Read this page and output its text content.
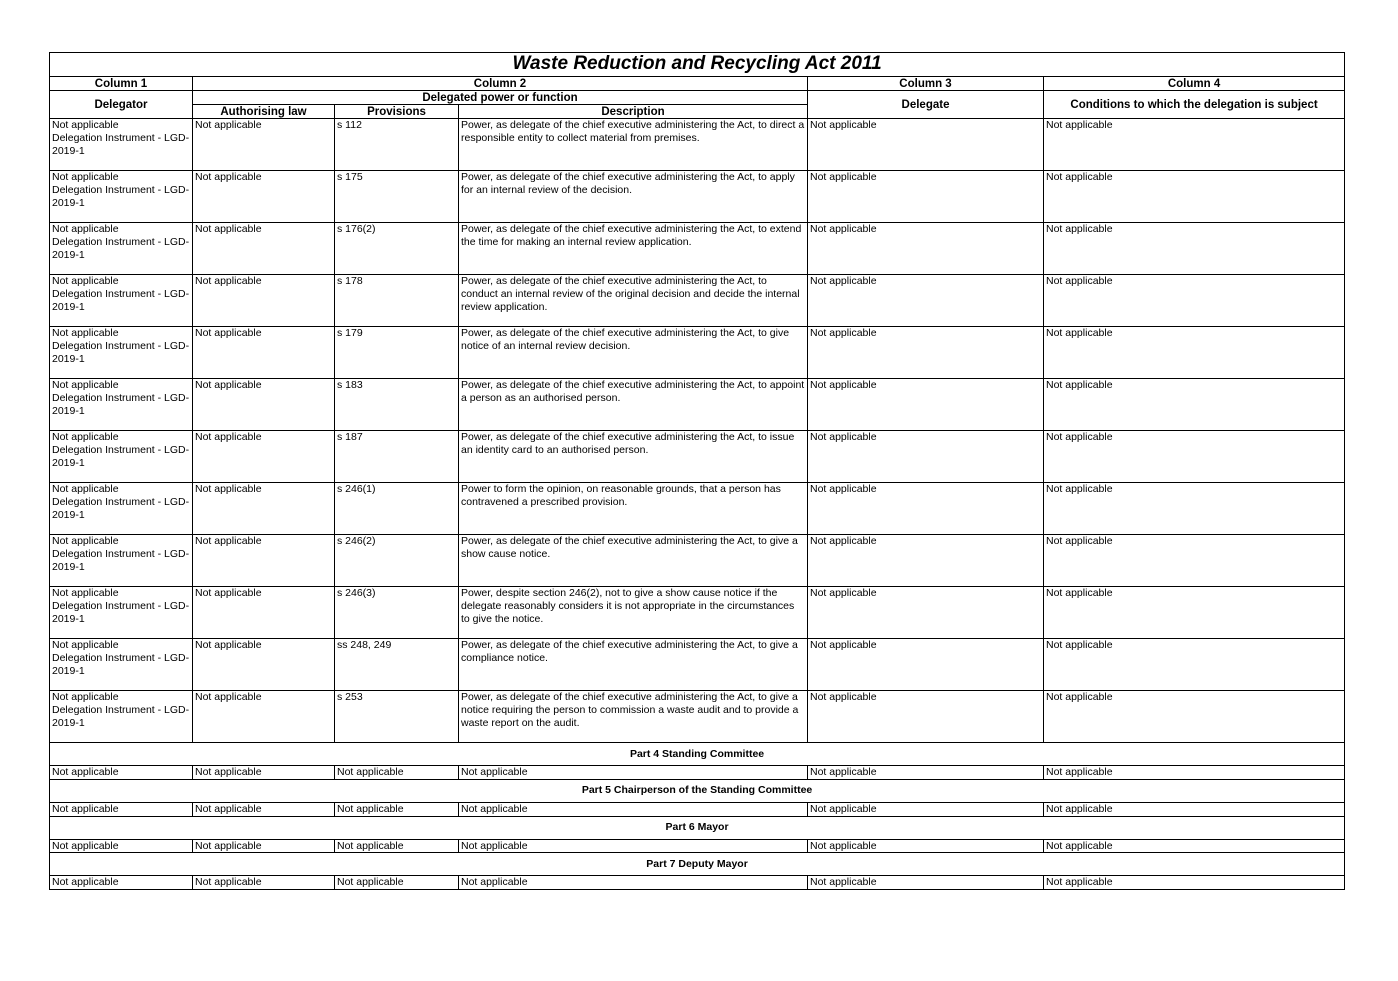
Waste Reduction and Recycling Act 2011					
Column 1	Column 2			Column 3	Column 4
Delegator	Delegated power or function			Delegate	Conditions to which the delegation is subject
	Authorising law	Provisions	Description		
Not applicable
Delegation Instrument - LGD-
2019-1	Not applicable	s 112	Power, as delegate of the chief executive administering the Act, to direct a responsible entity to collect material from premises.	Not applicable	Not applicable
Not applicable
Delegation Instrument - LGD-
2019-1	Not applicable	s 175	Power, as delegate of the chief executive administering the Act, to apply for an internal review of the decision.	Not applicable	Not applicable
Not applicable
Delegation Instrument - LGD-
2019-1	Not applicable	s 176(2)	Power, as delegate of the chief executive administering the Act, to extend the time for making an internal review application.	Not applicable	Not applicable
Not applicable
Delegation Instrument - LGD-
2019-1	Not applicable	s 178	Power, as delegate of the chief executive administering the Act, to conduct an internal review of the original decision and decide the internal review application.	Not applicable	Not applicable
Not applicable
Delegation Instrument - LGD-
2019-1	Not applicable	s 179	Power, as delegate of the chief executive administering the Act, to give notice of an internal review decision.	Not applicable	Not applicable
Not applicable
Delegation Instrument - LGD-
2019-1	Not applicable	s 183	Power, as delegate of the chief executive administering the Act, to appoint a person as an authorised person.	Not applicable	Not applicable
Not applicable
Delegation Instrument - LGD-
2019-1	Not applicable	s 187	Power, as delegate of the chief executive administering the Act, to issue an identity card to an authorised person.	Not applicable	Not applicable
Not applicable
Delegation Instrument - LGD-
2019-1	Not applicable	s 246(1)	Power to form the opinion, on reasonable grounds, that a person has contravened a prescribed provision.	Not applicable	Not applicable
Not applicable
Delegation Instrument - LGD-
2019-1	Not applicable	s 246(2)	Power, as delegate of the chief executive administering the Act, to give a show cause notice.	Not applicable	Not applicable
Not applicable
Delegation Instrument - LGD-
2019-1	Not applicable	s 246(3)	Power, despite section 246(2), not to give a show cause notice if the delegate reasonably considers it is not appropriate in the circumstances to give the notice.	Not applicable	Not applicable
Not applicable
Delegation Instrument - LGD-
2019-1	Not applicable	ss 248, 249	Power, as delegate of the chief executive administering the Act, to give a compliance notice.	Not applicable	Not applicable
Not applicable
Delegation Instrument - LGD-
2019-1	Not applicable	s 253	Power, as delegate of the chief executive administering the Act, to give a notice requiring the person to commission a waste audit and to provide a waste report on the audit.	Not applicable	Not applicable
Part 4 Standing Committee					
Not applicable	Not applicable	Not applicable	Not applicable	Not applicable	Not applicable
Part 5 Chairperson of the Standing Committee					
Not applicable	Not applicable	Not applicable	Not applicable	Not applicable	Not applicable
Part 6 Mayor					
Not applicable	Not applicable	Not applicable	Not applicable	Not applicable	Not applicable
Part 7 Deputy Mayor					
Not applicable	Not applicable	Not applicable	Not applicable	Not applicable	Not applicable
